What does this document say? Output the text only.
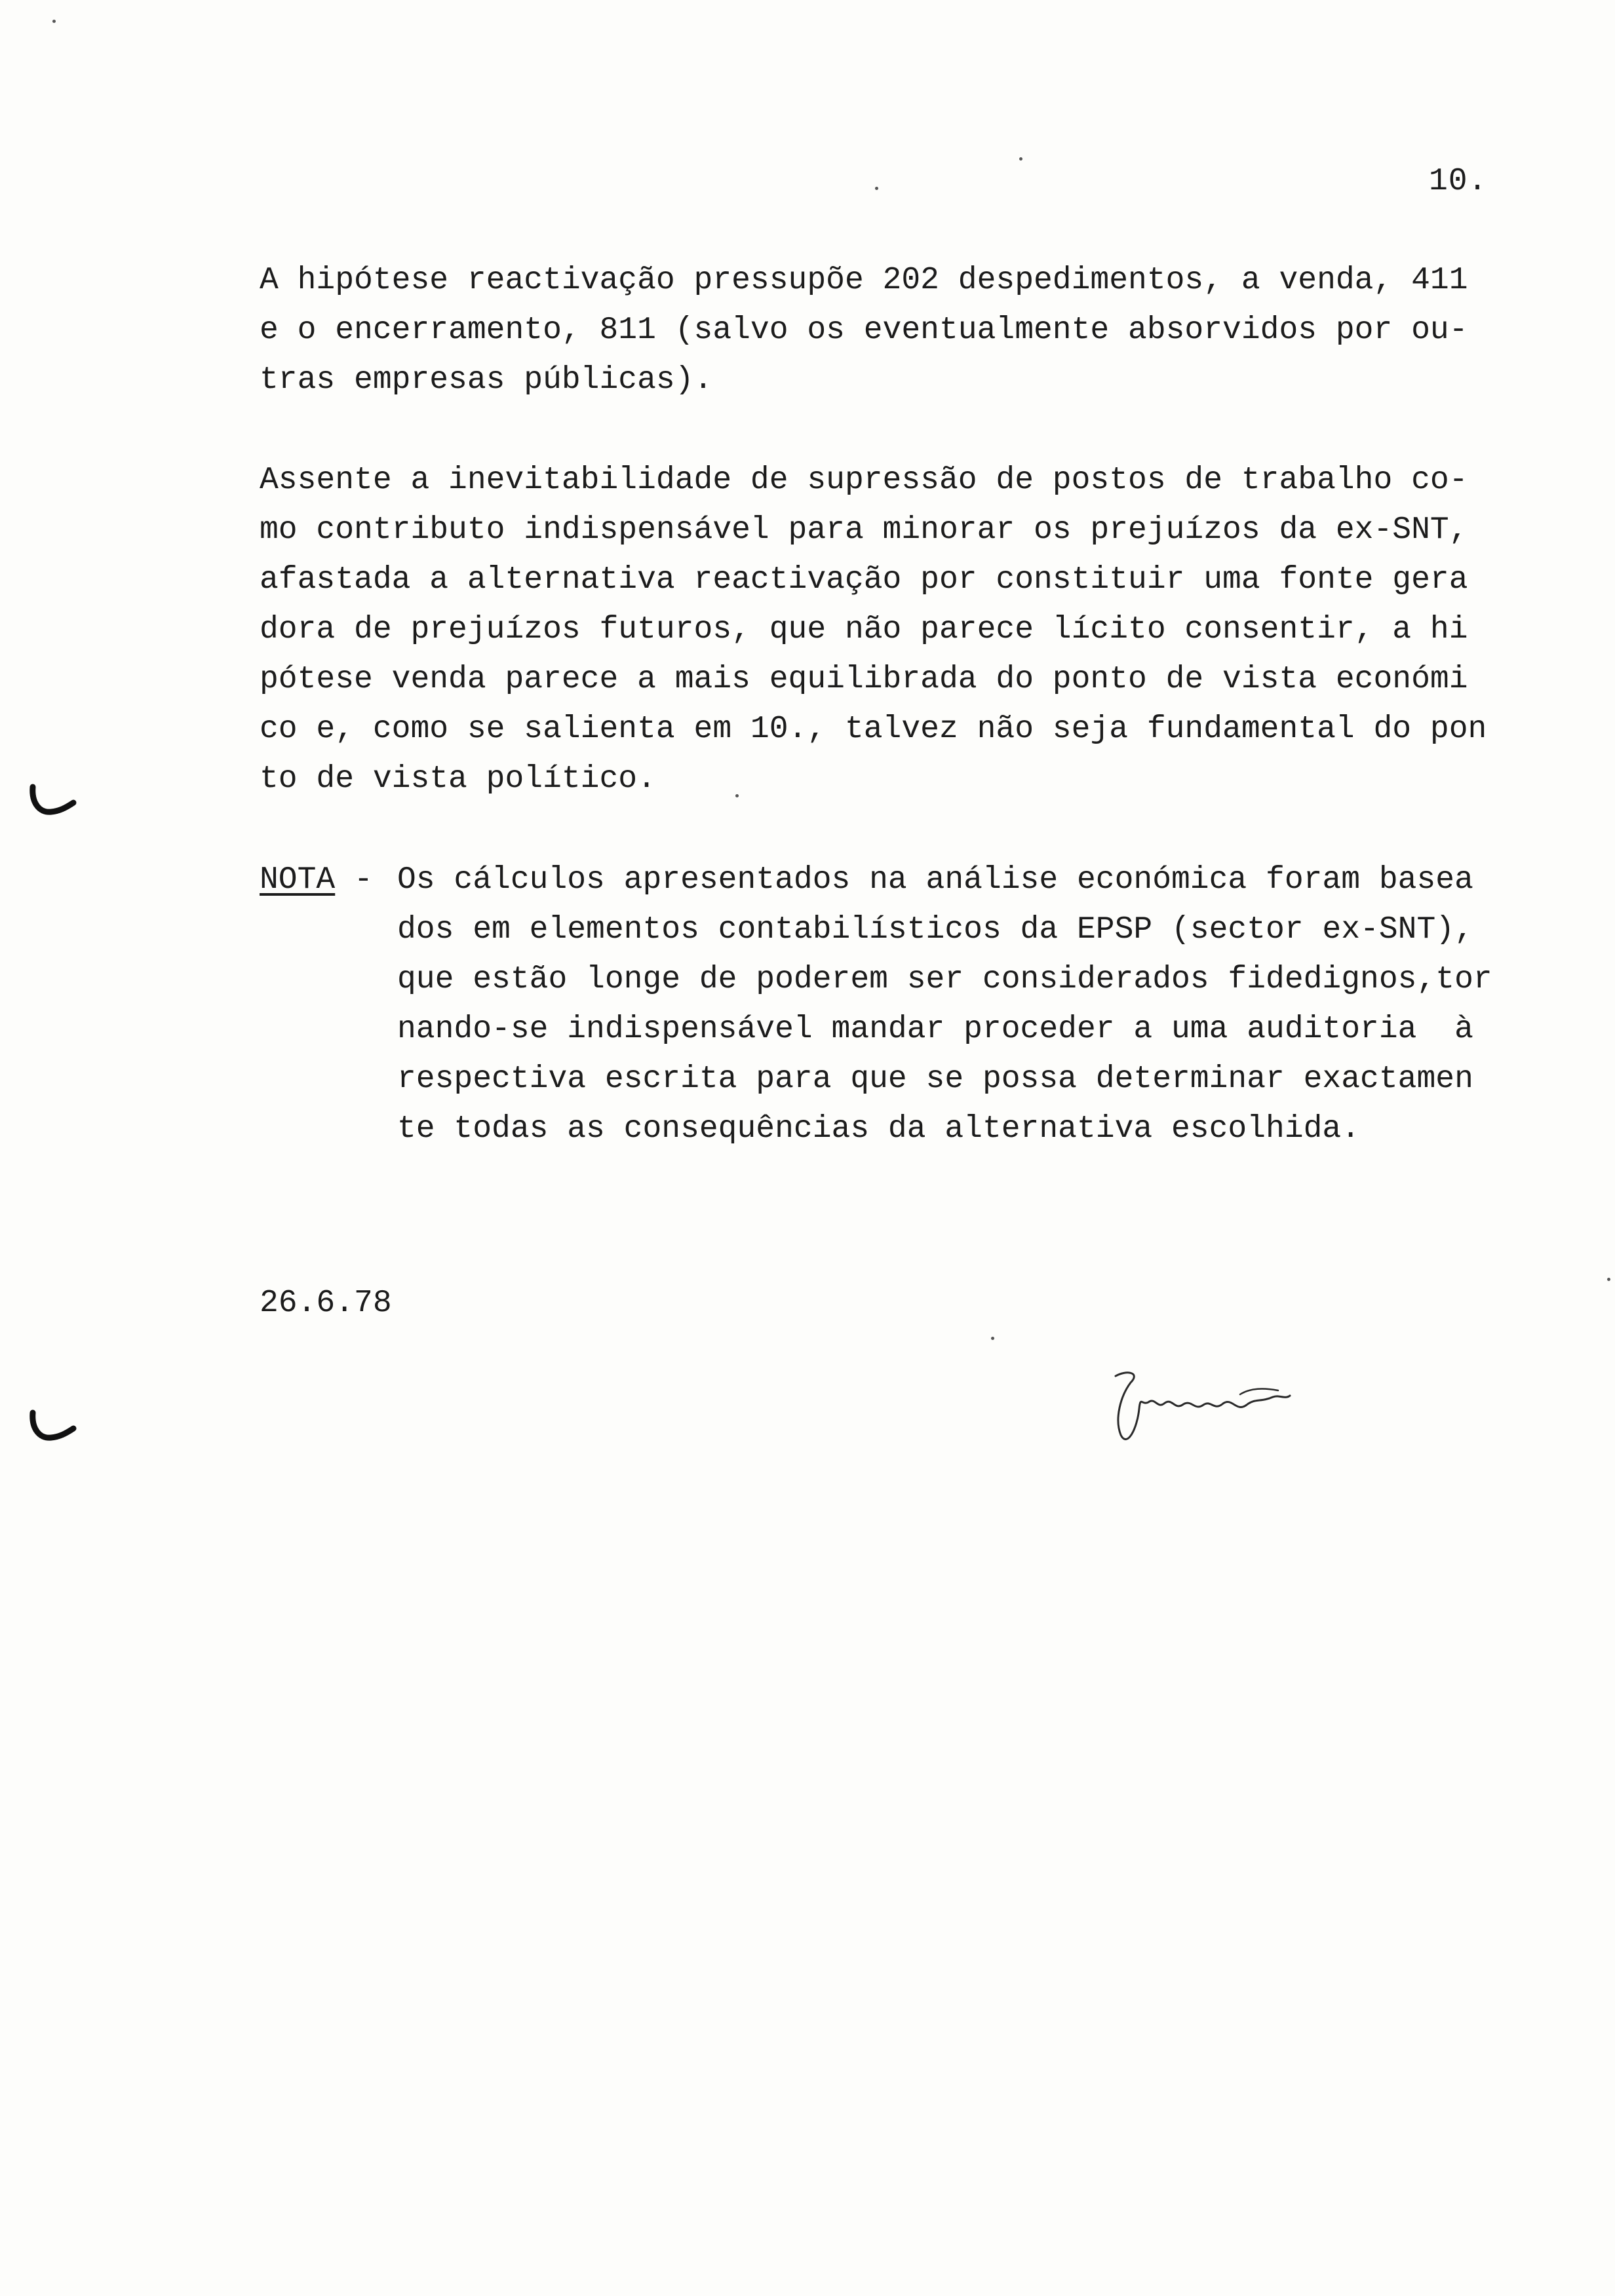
10.
A hipótese reactivação pressupõe 202 despedimentos, a venda, 411
e o encerramento, 811 (salvo os eventualmente absorvidos por ou-
tras empresas públicas).
Assente a inevitabilidade de supressão de postos de trabalho co-
mo contributo indispensável para minorar os prejuízos da ex-SNT,
afastada a alternativa reactivação por constituir uma fonte gera
dora de prejuízos futuros, que não parece lícito consentir, a hi
pótese venda parece a mais equilibrada do ponto de vista económi
co e, como se salienta em 10., talvez não seja fundamental do pon
to de vista político.
NOTA - Os cálculos apresentados na análise económica foram basea
dos em elementos contabilísticos da EPSP (sector ex-SNT),
que estão longe de poderem ser considerados fidedignos,tor
nando-se indispensável mandar proceder a uma auditoria  à
respectiva escrita para que se possa determinar exactamen
te todas as consequências da alternativa escolhida.
26.6.78
